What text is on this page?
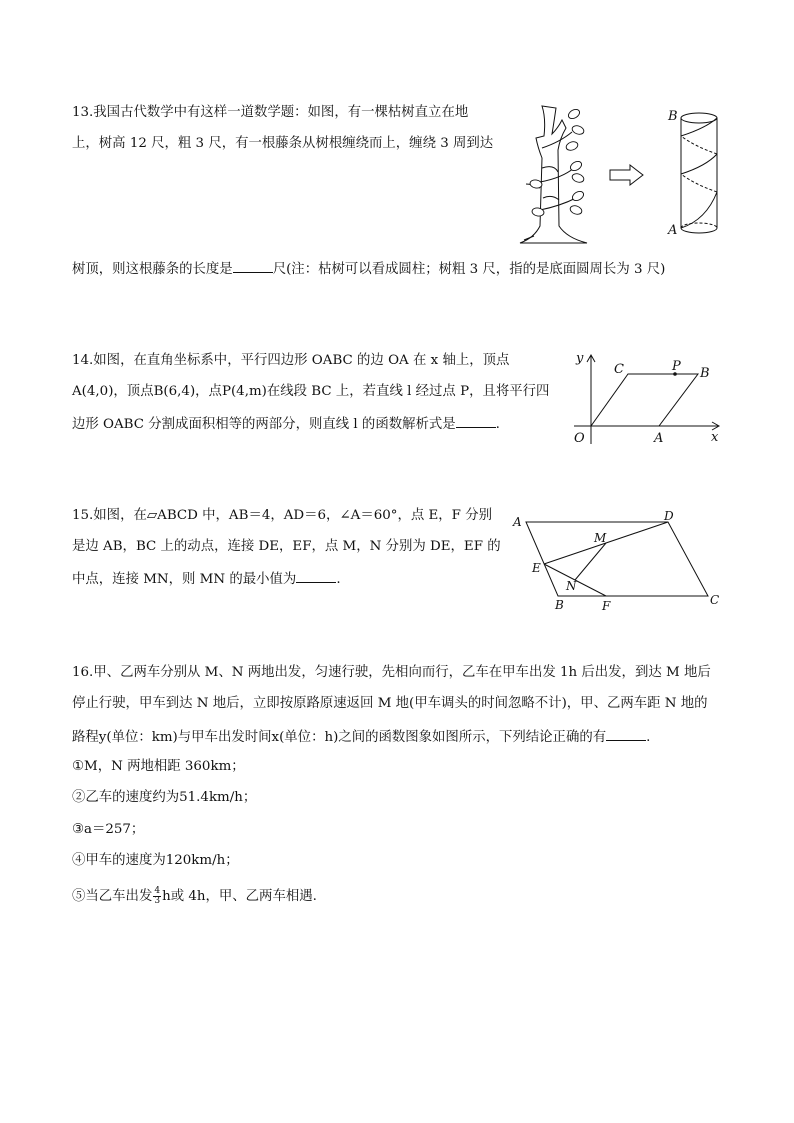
13.我国古代数学中有这样一道数学题：如图，有一棵枯树直立在地
上，树高 12 尺，粗 3 尺，有一根藤条从树根缠绕而上，缠绕 3 周到达
树顶，则这根藤条的长度是	尺(注：枯树可以看成圆柱；树粗 3 尺，指的是底面圆周长为 3 尺)
B
A
14.如图，在直角坐标系中，平行四边形 OABC 的边 OA 在 x 轴上，顶点
A(4,0)，顶点B(6,4)，点P(4,m)在线段 BC 上，若直线 l 经过点 P，且将平行四
边形 OABC 分割成面积相等的两部分，则直线 l 的函数解析式是	.
y
x
O	A
B
C	P
15.如图，在▱ABCD 中，AB＝4，AD＝6，∠A＝60°，点 E，F 分别
是边 AB，BC 上的动点，连接 DE，EF，点 M，N 分别为 DE，EF 的
中点，连接 MN，则 MN 的最小值为	.
A	D
C
B	F
E
M
N
16.甲、乙两车分别从 M、N 两地出发，匀速行驶，先相向而行，乙车在甲车出发 1h 后出发，到达 M 地后
停止行驶，甲车到达 N 地后，立即按原路原速返回 M 地(甲车调头的时间忽略不计)，甲、乙两车距 N 地的
路程y(单位：km)与甲车出发时间x(单位：h)之间的函数图象如图所示，下列结论正确的有	.
①M，N 两地相距 360km；
②乙车的速度约为51.4km/h；
③a＝257；
④甲车的速度为120km/h；
⑤当乙车出发 $\frac{4}{3}$ h或 4h，甲、乙两车相遇.
